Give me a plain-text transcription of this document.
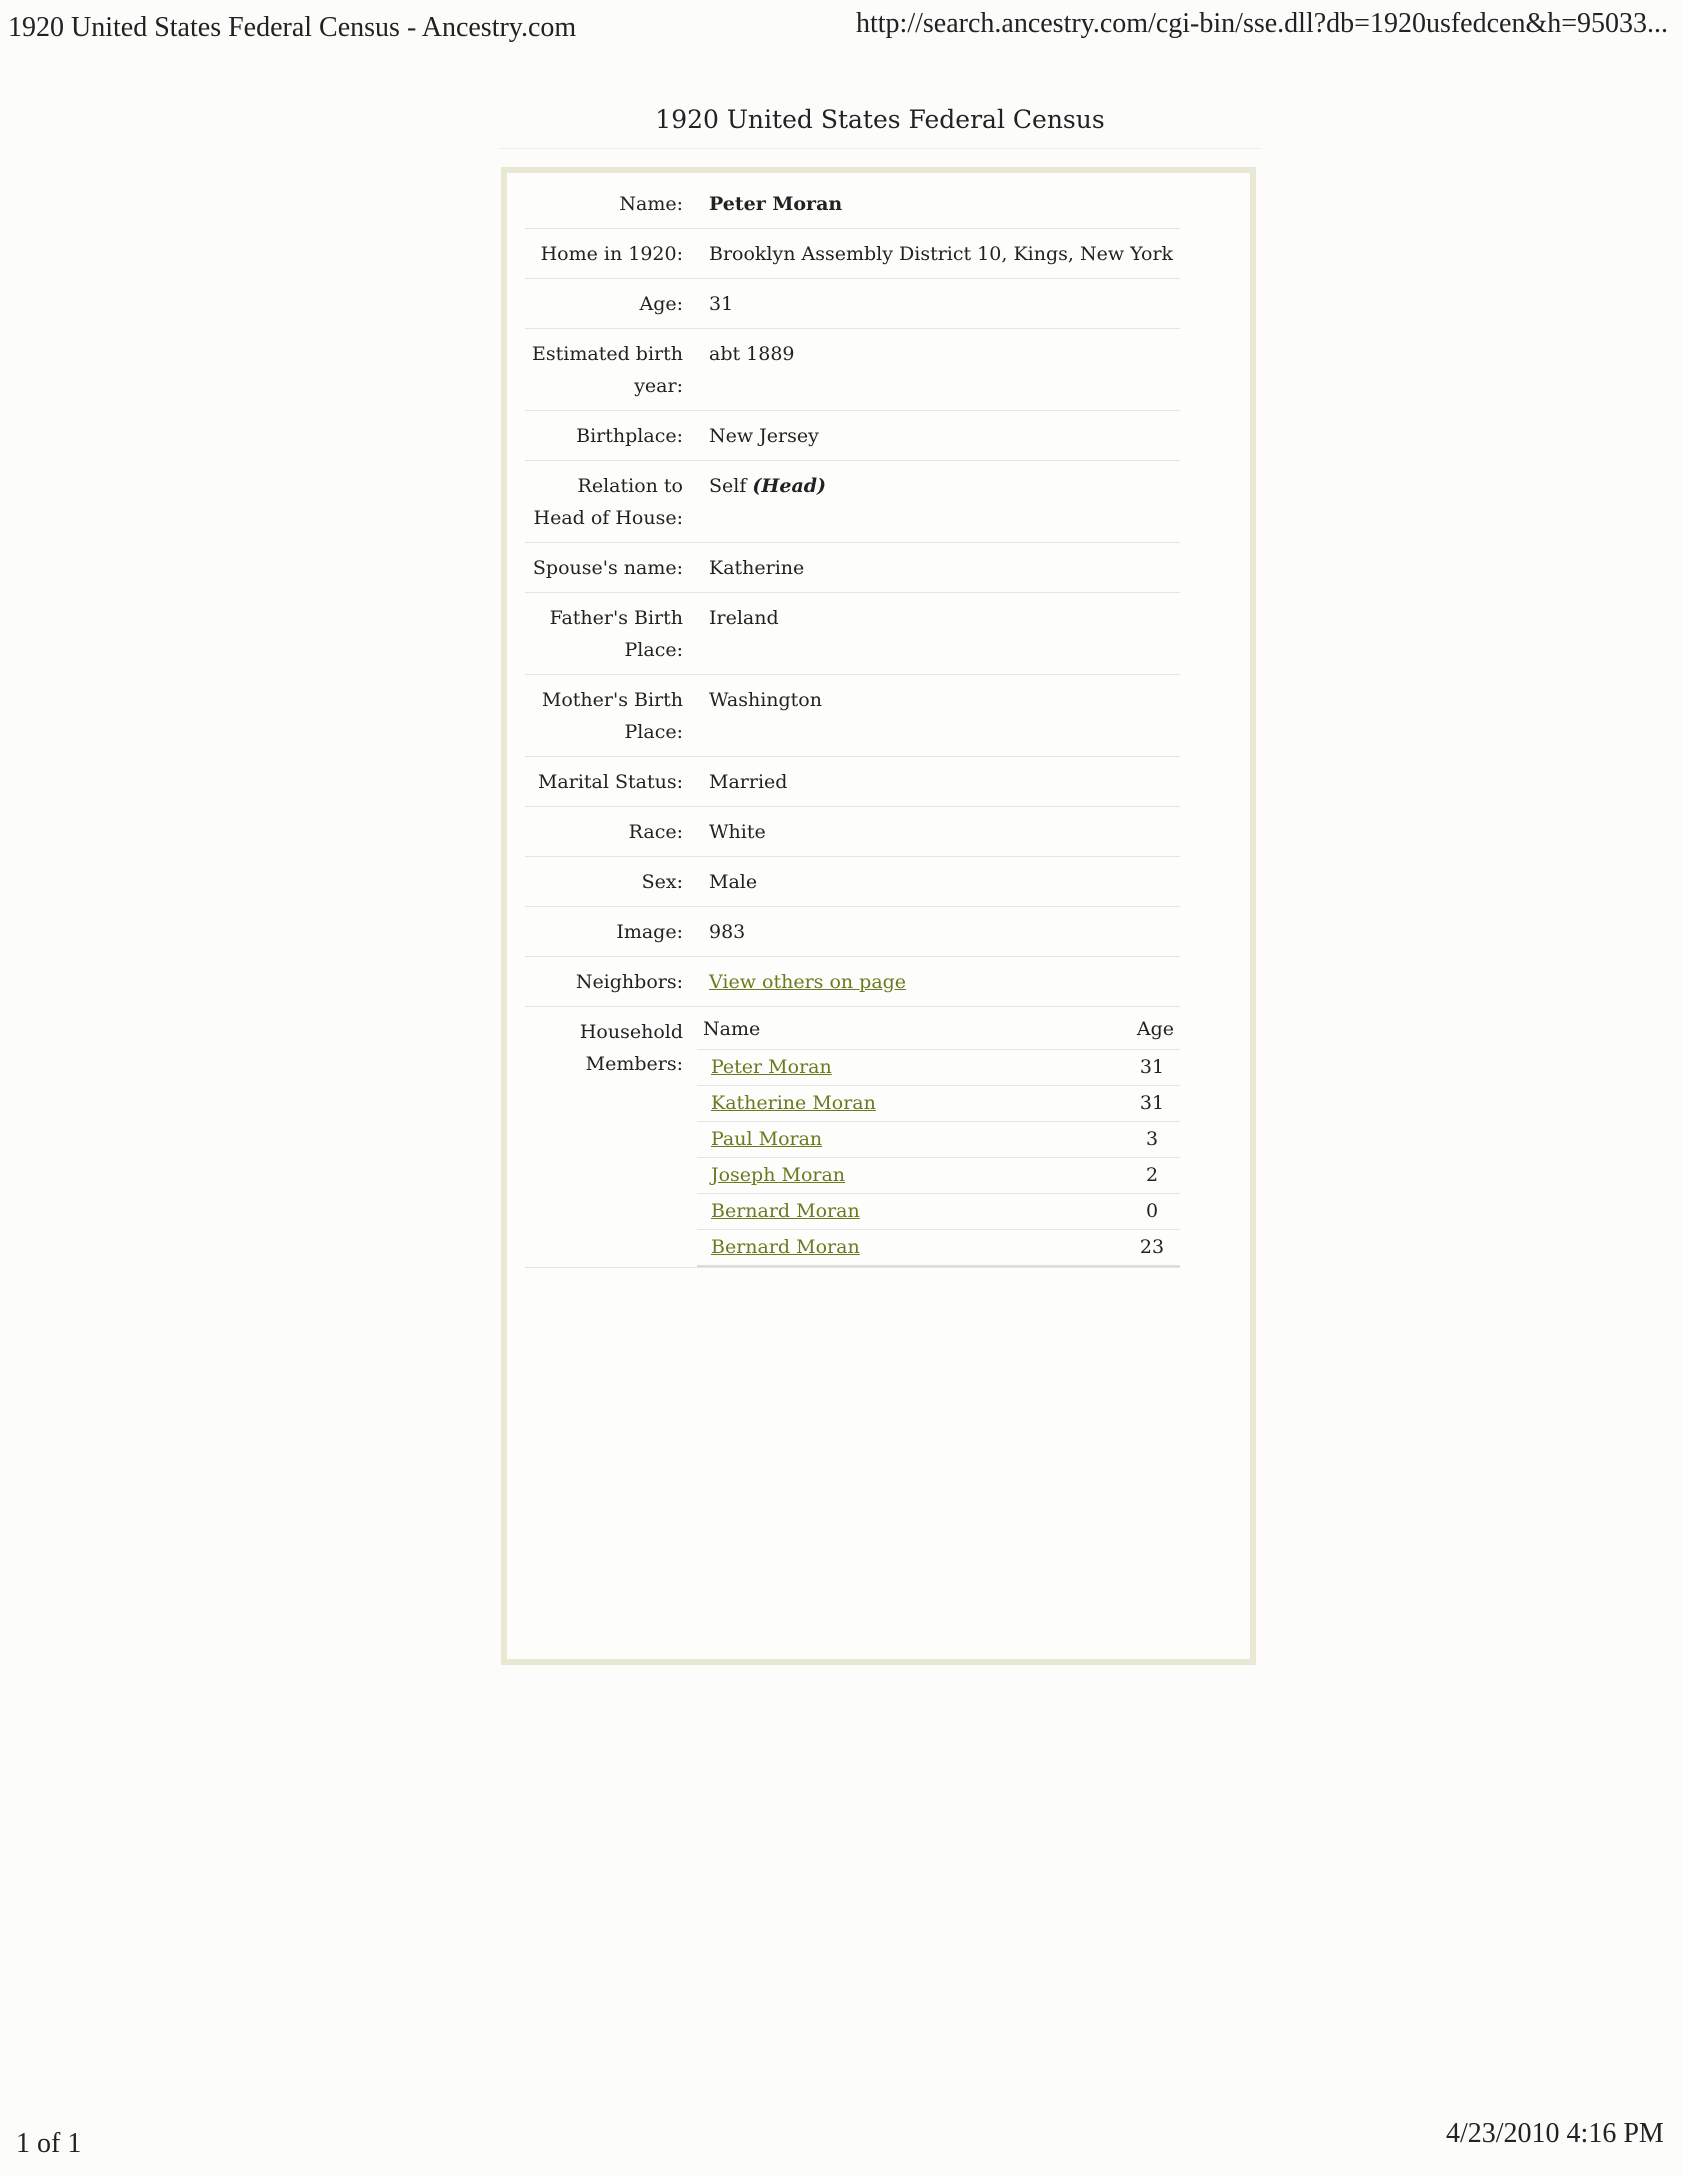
1920 United States Federal Census - Ancestry.com	http://search.ancestry.com/cgi-bin/sse.dll?db=1920usfedcen&h=95033...
1920 United States Federal Census
Name:	Peter Moran
Home in 1920:	Brooklyn Assembly District 10, Kings, New York
Age:	31
Estimated birth year:
abt 1889
Birthplace:	New Jersey
Relation to Head of House:
Self (Head)
Spouse's name:	Katherine
Father's Birth Place:
Ireland
Mother's Birth Place:
Washington
Marital Status:	Married
Race:	White
Sex:	Male
Image:	983
Neighbors:	View others on page
Household Members:
Name	Age
Peter Moran	31
Katherine Moran	31
Paul Moran	3
Joseph Moran	2
Bernard Moran	0
Bernard Moran	23
1 of 1	4/23/2010 4:16 PM
